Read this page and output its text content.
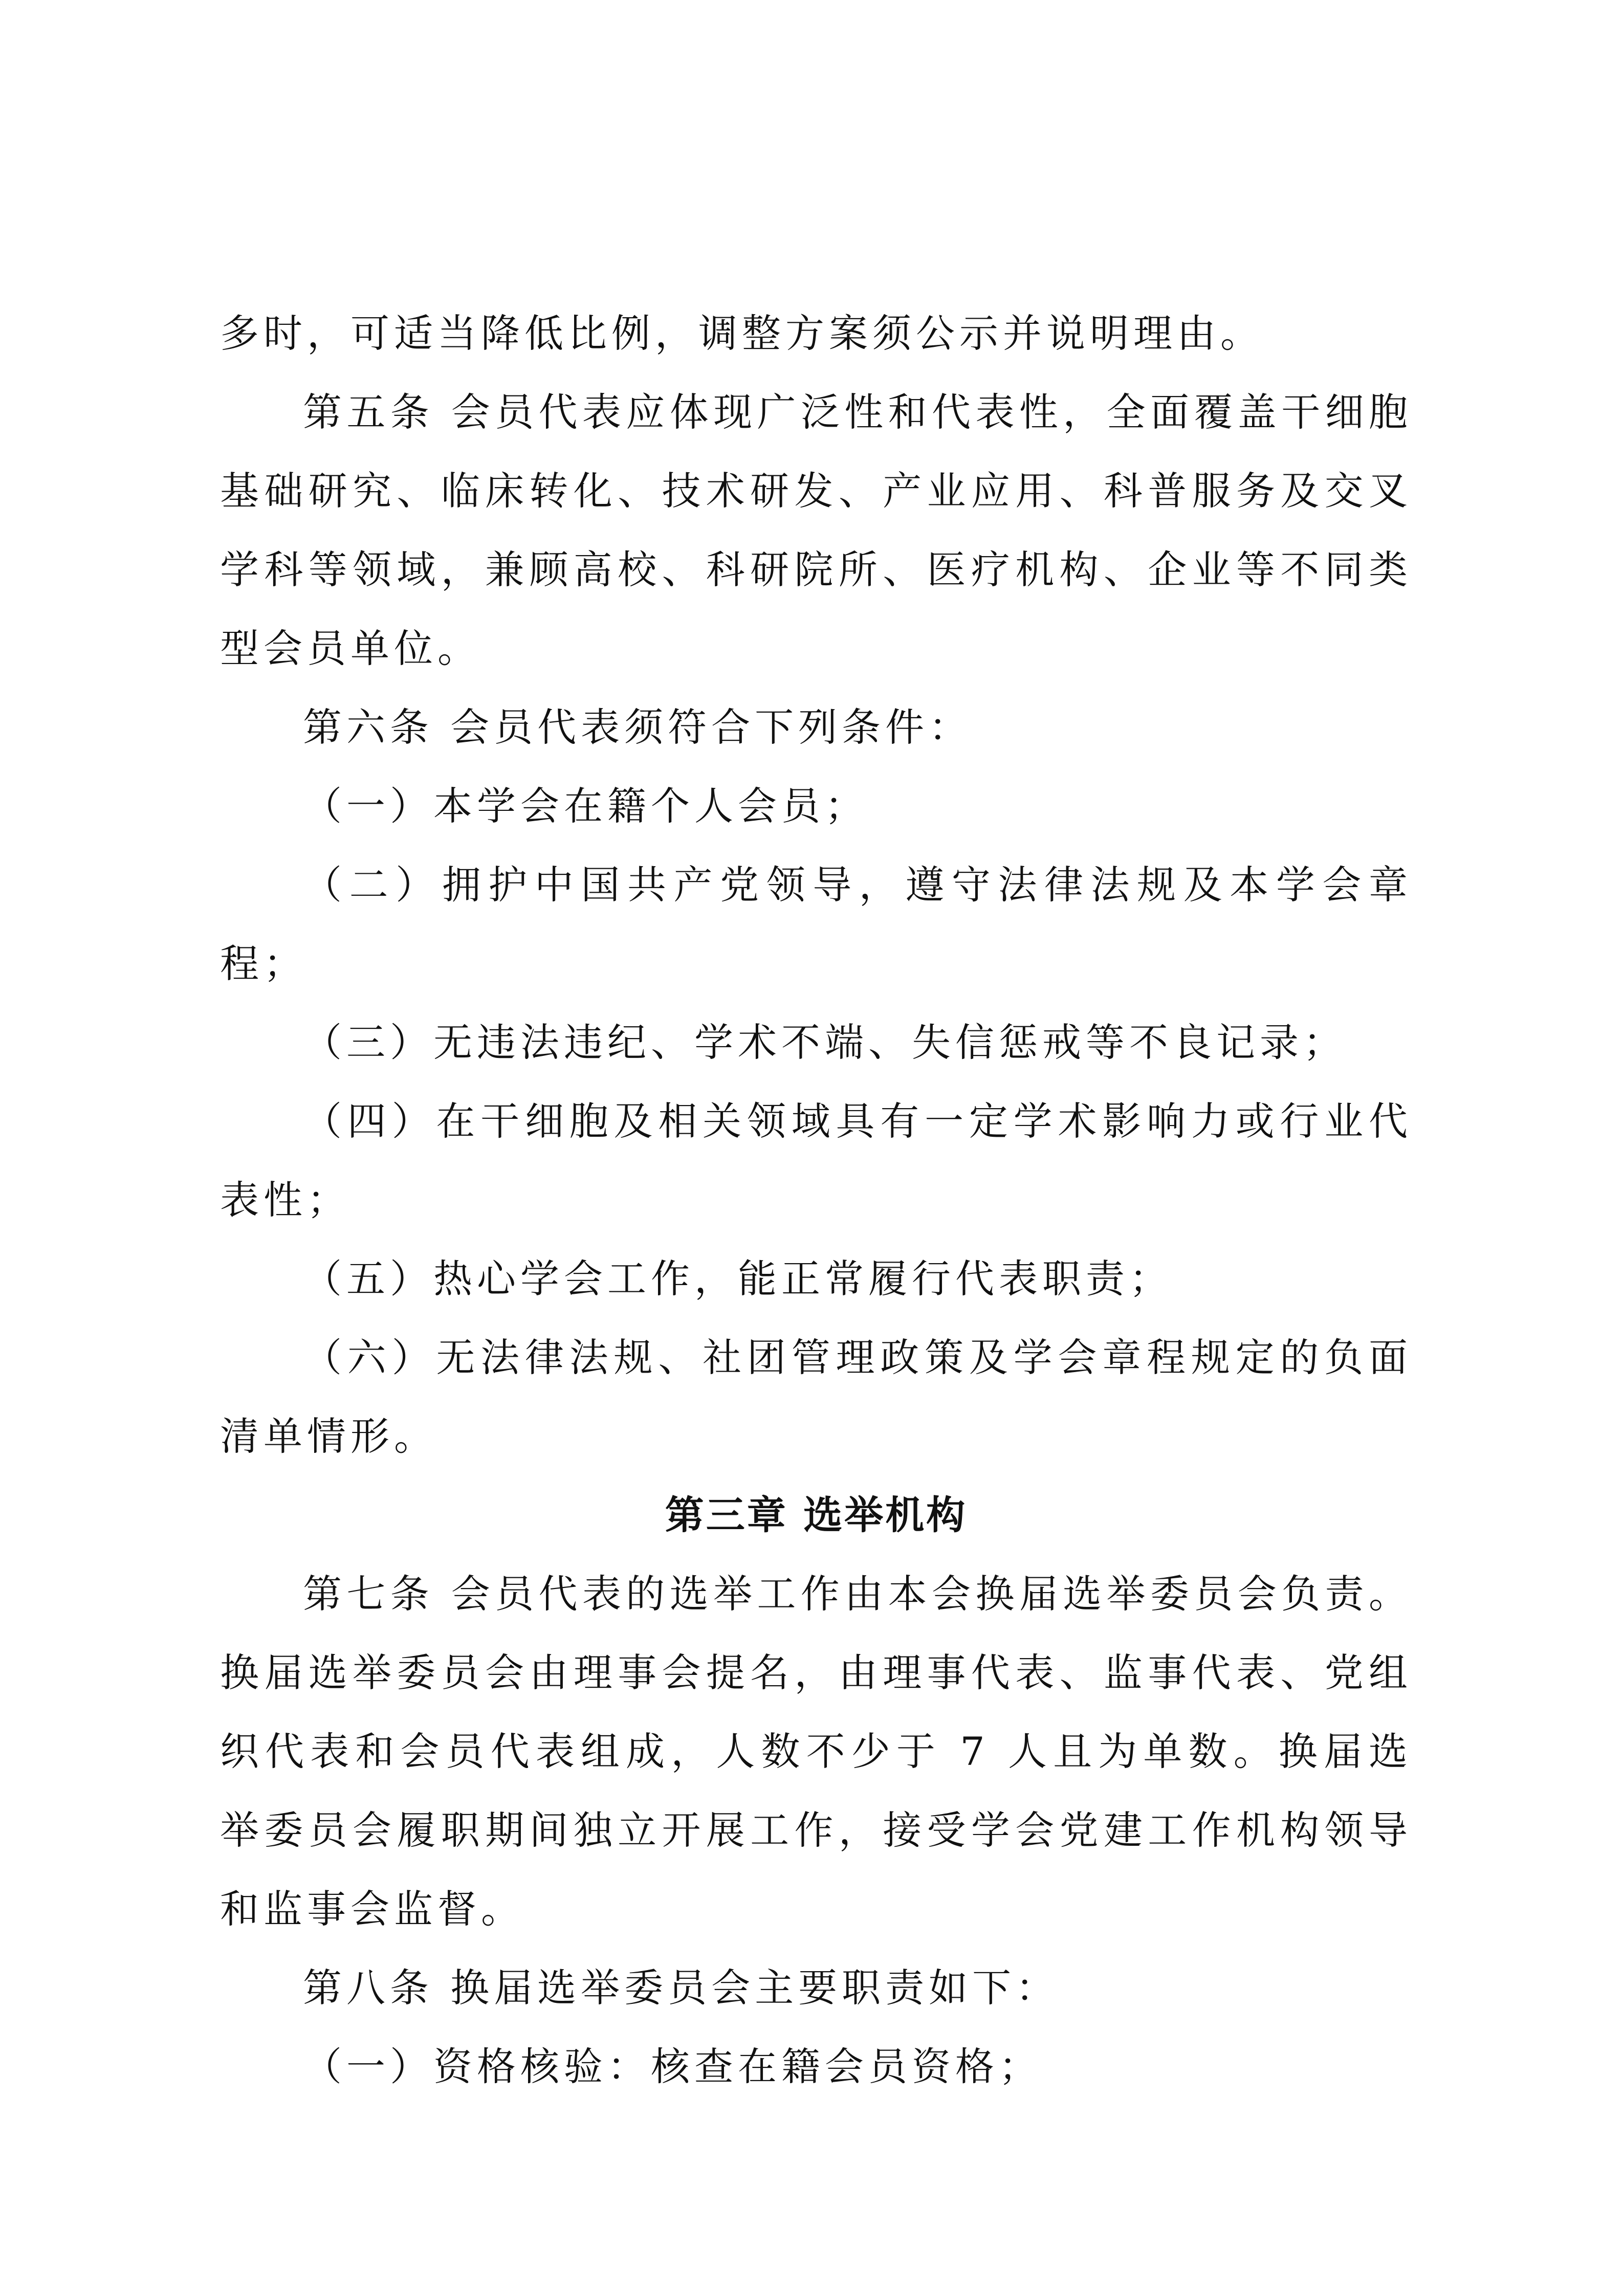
多时，可适当降低比例，调整方案须公示并说明理由。

第五条 会员代表应体现广泛性和代表性，全面覆盖干细胞基础研究、临床转化、技术研发、产业应用、科普服务及交叉学科等领域，兼顾高校、科研院所、医疗机构、企业等不同类型会员单位。

第六条 会员代表须符合下列条件：

（一）本学会在籍个人会员；

（二）拥护中国共产党领导，遵守法律法规及本学会章程；

（三）无违法违纪、学术不端、失信惩戒等不良记录；

（四）在干细胞及相关领域具有一定学术影响力或行业代表性；

（五）热心学会工作，能正常履行代表职责；

（六）无法律法规、社团管理政策及学会章程规定的负面清单情形。

第三章 选举机构

第七条 会员代表的选举工作由本会换届选举委员会负责。换届选举委员会由理事会提名，由理事代表、监事代表、党组织代表和会员代表组成，人数不少于 7 人且为单数。换届选举委员会履职期间独立开展工作，接受学会党建工作机构领导和监事会监督。

第八条 换届选举委员会主要职责如下：

（一）资格核验：核查在籍会员资格；
